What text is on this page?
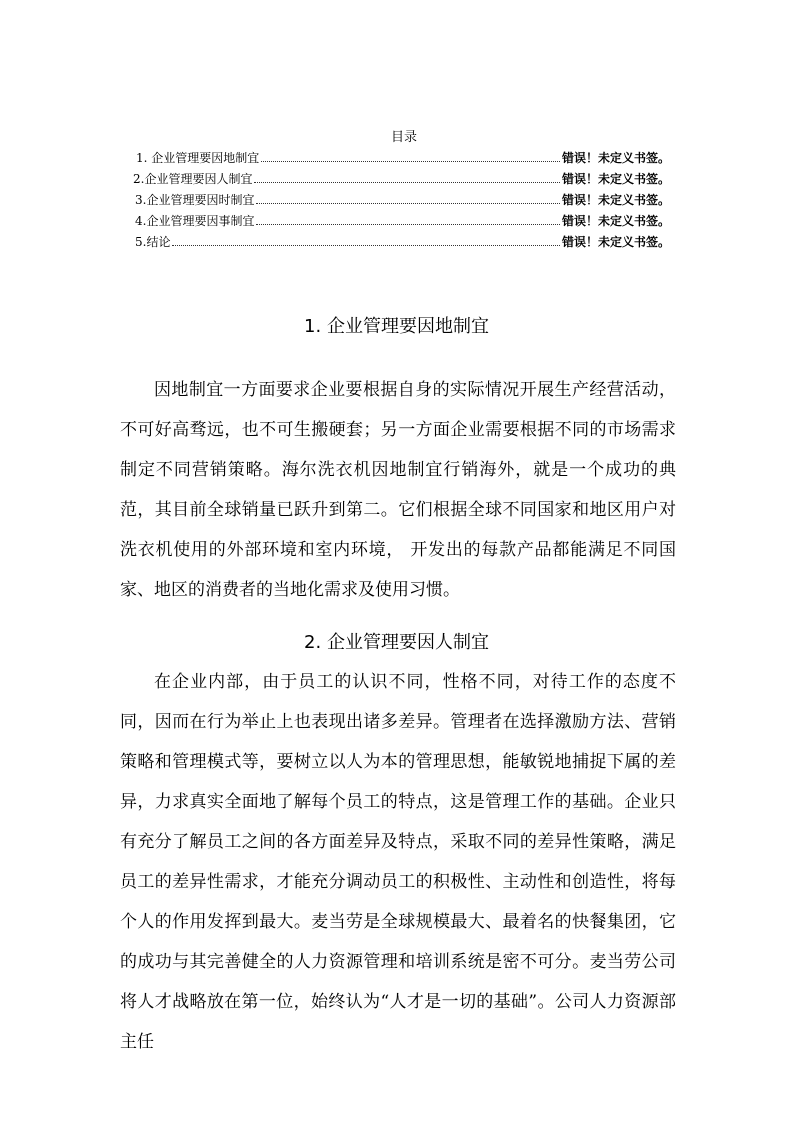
目录
1. 企业管理要因地制宜	错误！未定义书签。
2.企业管理要因人制宜	错误！未定义书签。
3.企业管理要因时制宜	错误！未定义书签。
4.企业管理要因事制宜	错误！未定义书签。
5.结论	错误！未定义书签。
1. 企业管理要因地制宜

因地制宜一方面要求企业要根据自身的实际情况开展生产经营活动，不可好高骛远，也不可生搬硬套；另一方面企业需要根据不同的市场需求制定不同营销策略。海尔洗衣机因地制宜行销海外，就是一个成功的典范，其目前全球销量已跃升到第二。它们根据全球不同国家和地区用户对洗衣机使用的外部环境和室内环境， 开发出的每款产品都能满足不同国家、地区的消费者的当地化需求及使用习惯。

2. 企业管理要因人制宜

在企业内部，由于员工的认识不同，性格不同，对待工作的态度不同，因而在行为举止上也表现出诸多差异。管理者在选择激励方法、营销策略和管理模式等，要树立以人为本的管理思想，能敏锐地捕捉下属的差异，力求真实全面地了解每个员工的特点，这是管理工作的基础。企业只有充分了解员工之间的各方面差异及特点，采取不同的差异性策略，满足员工的差异性需求，才能充分调动员工的积极性、主动性和创造性，将每个人的作用发挥到最大。麦当劳是全球规模最大、最着名的快餐集团，它的成功与其完善健全的人力资源管理和培训系统是密不可分。麦当劳公司将人才战略放在第一位，始终认为“人才是一切的基础”。公司人力资源部主任
